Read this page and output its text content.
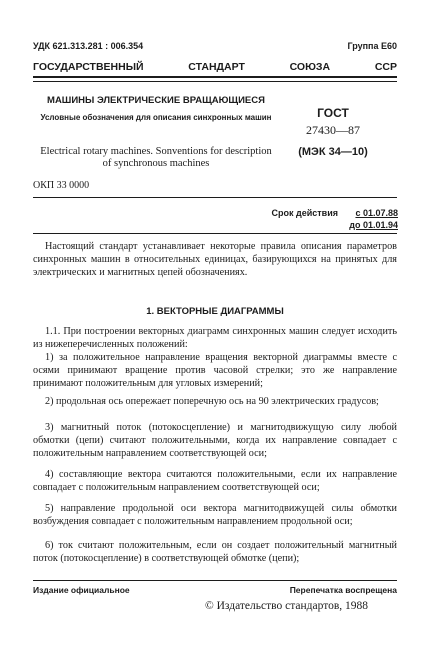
УДК 621.313.281 : 006.354	Группа Е60
ГОСУДАРСТВЕННЫЙ СТАНДАРТ СОЮЗА ССР
МАШИНЫ ЭЛЕКТРИЧЕСКИЕ ВРАЩАЮЩИЕСЯ
Условные обозначения для описания синхронных машин
Electrical rotary machines. Sonventions for description of synchronous machines
ГОСТ
27430—87
(МЭК 34—10)
ОКП 33 0000
Срок действия с 01.07.88
до 01.01.94
Настоящий стандарт устанавливает некоторые правила описания параметров синхронных машин в относительных единицах, базирующихся на принятых для электрических и магнитных цепей обозначениях.
1. ВЕКТОРНЫЕ ДИАГРАММЫ
1.1. При построении векторных диаграмм синхронных машин следует исходить из нижеперечисленных положений:
1) за положительное направление вращения векторной диаграммы вместе с осями принимают вращение против часовой стрелки; это же направление принимают положительным для угловых измерений;
2) продольная ось опережает поперечную ось на 90 электрических градусов;
3) магнитный поток (потокосцепление) и магнитодвижущую силу любой обмотки (цепи) считают положительными, когда их направление совпадает с положительным направлением соответствующей оси;
4) составляющие вектора считаются положительными, если их направление совпадает с положительным направлением соответствующей оси;
5) направление продольной оси вектора магнитодвижущей силы обмотки возбуждения совпадает с положительным направлением продольной оси;
6) ток считают положительным, если он создает положительный магнитный поток (потокосцепление) в соответствующей обмотке (цепи);
Издание официальное	Перепечатка воспрещена
© Издательство стандартов, 1988
